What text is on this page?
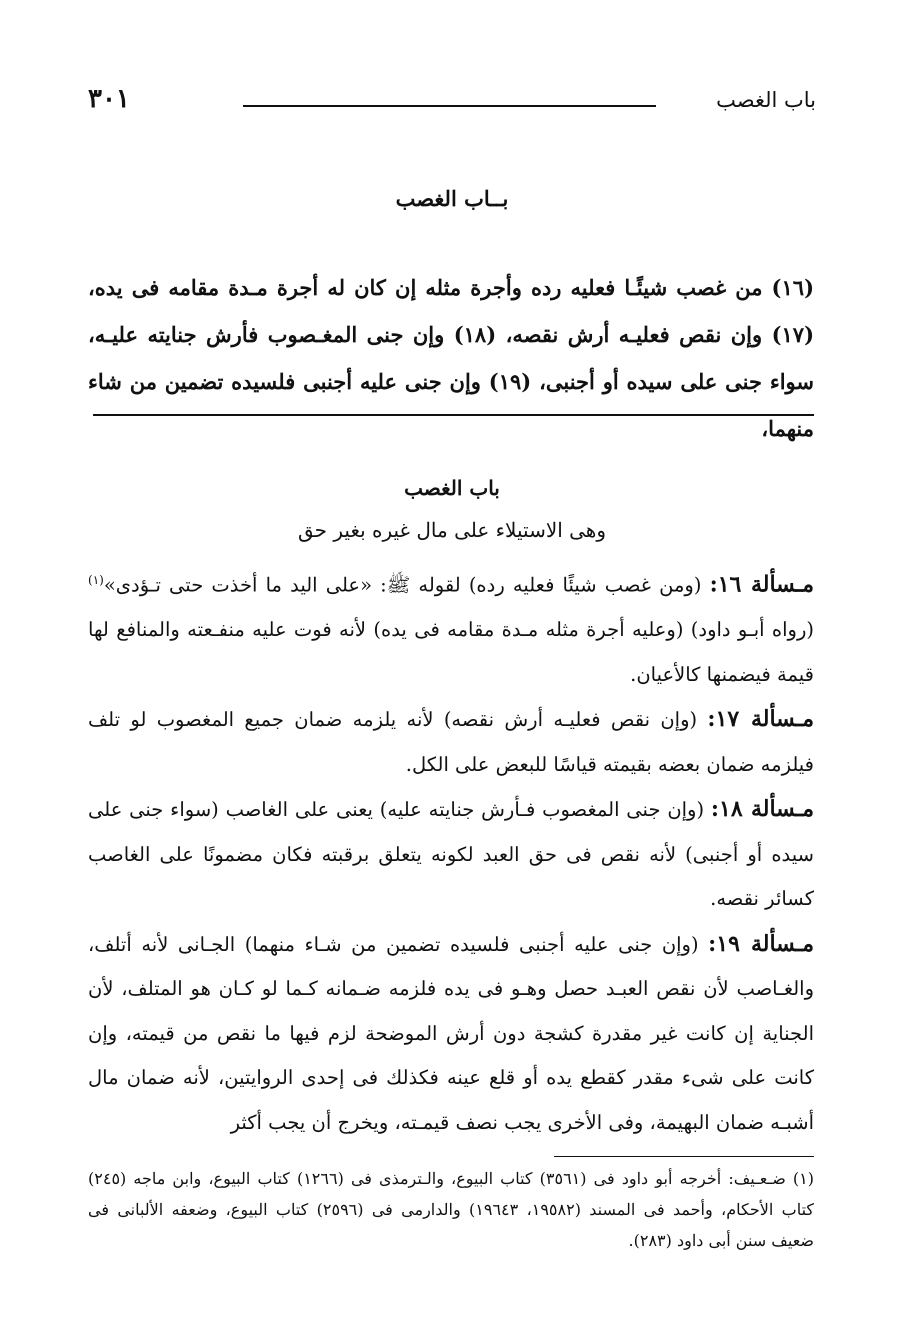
باب الغصب
٣٠١
بــاب الغصب
(١٦) من غصب شيئًـا فعليه رده وأجرة مثله إن كان له أجرة مـدة مقامه فى يده، (١٧) وإن نقص فعليـه أرش نقصه، (١٨) وإن جنى المغـصوب فأرش جنايته عليـه، سواء جنى على سيده أو أجنبى، (١٩) وإن جنى عليه أجنبى فلسيده تضمين من شاء منهما،
باب الغصب
وهى الاستيلاء على مال غيره بغير حق

مـسألة ١٦: (ومن غصب شيئًا فعليه رده) لقوله ﷺ: «على اليد ما أخذت حتى تـؤدى»$^{(١)}$ (رواه أبـو داود) (وعليه أجرة مثله مـدة مقامه فى يده) لأنه فوت عليه منفـعته والمنافع لها قيمة فيضمنها كالأعيان.

مـسألة ١٧: (وإن نقص فعليـه أرش نقصه) لأنه يلزمه ضمان جميع المغصوب لو تلف فيلزمه ضمان بعضه بقيمته قياسًا للبعض على الكل.

مـسألة ١٨: (وإن جنى المغصوب فـأرش جنايته عليه) يعنى على الغاصب (سواء جنى على سيده أو أجنبى) لأنه نقص فى حق العبد لكونه يتعلق برقبته فكان مضمونًا على الغاصب كسائر نقصه.

مـسألة ١٩: (وإن جنى عليه أجنبى فلسيده تضمين من شـاء منهما) الجـانى لأنه أتلف، والغـاصب لأن نقص العبـد حصل وهـو فى يده فلزمه ضـمانه كـما لو كـان هو المتلف، لأن الجناية إن كانت غير مقدرة كشجة دون أرش الموضحة لزم فيها ما نقص من قيمته، وإن كانت على شىء مقدر كقطع يده أو قلع عينه فكذلك فى إحدى الروايتين، لأنه ضمان مال أشبـه ضمان البهيمة، وفى الأخرى يجب نصف قيمـته، ويخرج أن يجب أكثر

(١) ضـعـيف: أخرجه أبو داود فى (٣٥٦١) كتاب البيوع، والـترمذى فى (١٢٦٦) كتاب البيوع، وابن ماجه (٢٤٥) كتاب الأحكام، وأحمد فى المسند (١٩٥٨٢، ١٩٦٤٣) والدارمى فى (٢٥٩٦) كتاب البيوع، وضعفه الألبانى فى ضعيف سنن أبى داود (٢٨٣).
